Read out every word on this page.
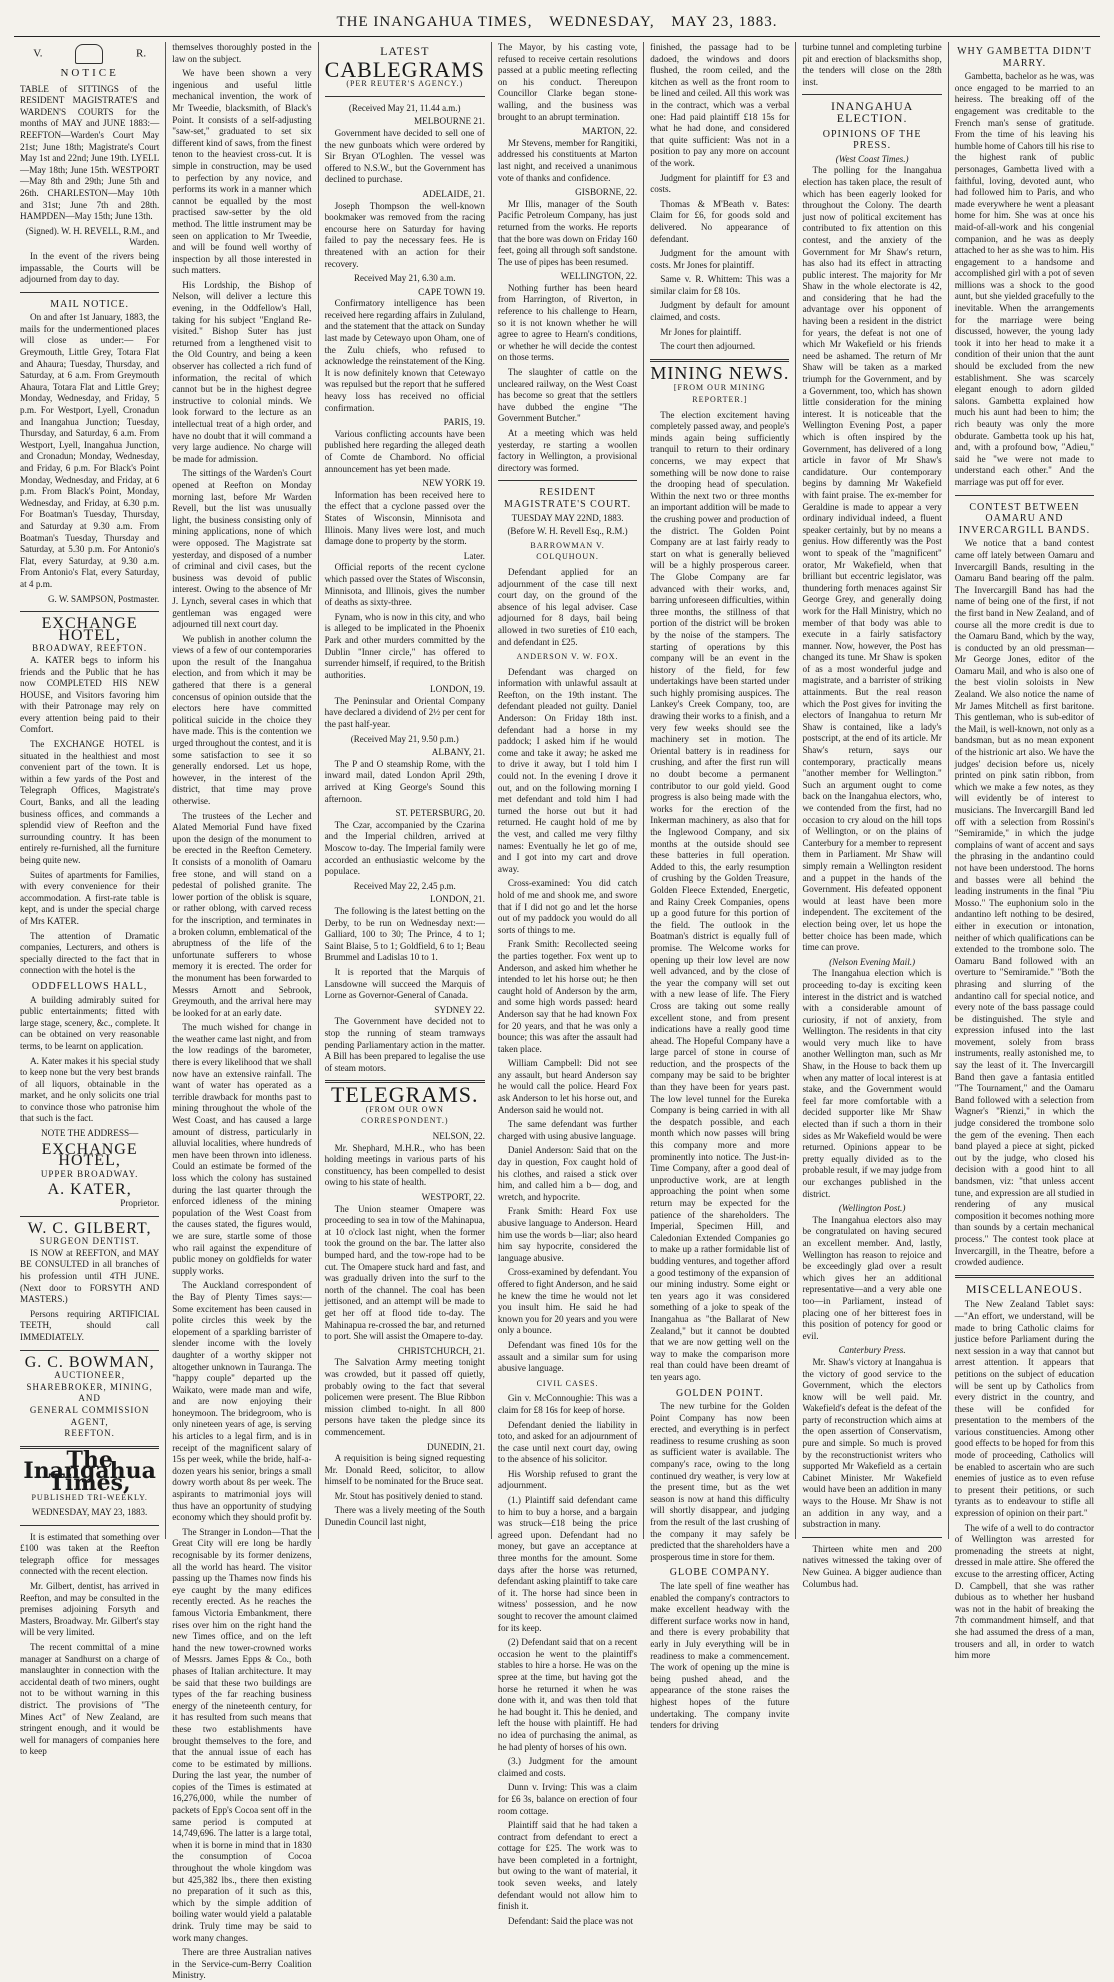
THE INANGAHUA TIMES, WEDNESDAY, MAY 23, 1883.
V.	R.
NOTICE

TABLE of SITTINGS of the RESIDENT MAGISTRATE'S and WARDEN'S COURTS for the months of MAY and JUNE 1883:— REEFTON—Warden's Court May 21st; June 18th; Magistrate's Court May 1st and 22nd; June 19th. LYELL—May 18th; June 15th. WESTPORT—May 8th and 29th; June 5th and 26th. CHARLESTON—May 10th and 31st; June 7th and 28th. HAMPDEN—May 15th; June 13th.

(Signed). W. H. REVELL, R.M., and Warden.

In the event of the rivers being impassable, the Courts will be adjourned from day to day.

MAIL NOTICE.

On and after 1st January, 1883, the mails for the undermentioned places will close as under:— For Greymouth, Little Grey, Totara Flat and Ahaura; Tuesday, Thursday, and Saturday, at 6 a.m. From Greymouth Ahaura, Totara Flat and Little Grey; Monday, Wednesday, and Friday, 5 p.m. For Westport, Lyell, Cronadun and Inangahua Junction; Tuesday, Thursday, and Saturday, 6 a.m. From Westport, Lyell, Inangahua Junction, and Cronadun; Monday, Wednesday, and Friday, 6 p.m. For Black's Point Monday, Wednesday, and Friday, at 6 p.m. From Black's Point, Monday, Wednesday, and Friday, at 6.30 p.m. For Boatman's Tuesday, Thursday, and Saturday at 9.30 a.m. From Boatman's Tuesday, Thursday and Saturday, at 5.30 p.m. For Antonio's Flat, every Saturday, at 9.30 a.m. From Antonio's Flat, every Saturday, at 4 p.m.

G. W. SAMPSON, Postmaster.
EXCHANGE HOTEL,
BROADWAY, REEFTON.

A. KATER begs to inform his friends and the Public that he has now COMPLETED HIS NEW HOUSE, and Visitors favoring him with their Patronage may rely on every attention being paid to their Comfort.

The EXCHANGE HOTEL is situated in the healthiest and most convenient part of the town. It is within a few yards of the Post and Telegraph Offices, Magistrate's Court, Banks, and all the leading business offices, and commands a splendid view of Reefton and the surrounding country. It has been entirely re-furnished, all the furniture being quite new.

Suites of apartments for Families, with every convenience for their accommodation. A first-rate table is kept, and is under the special charge of Mrs KATER.

The attention of Dramatic companies, Lecturers, and others is specially directed to the fact that in connection with the hotel is the

ODDFELLOWS HALL,

A building admirably suited for public entertainments; fitted with large stage, scenery, &c., complete. It can be obtained on very reasonable terms, to be learnt on application.

A. Kater makes it his special study to keep none but the very best brands of all liquors, obtainable in the market, and he only solicits one trial to convince those who patronise him that such is the fact.

NOTE THE ADDRESS—
EXCHANGE HOTEL,
UPPER BROADWAY.
A. KATER,
Proprietor.
W. C. GILBERT,
SURGEON DENTIST.

IS NOW at REEFTON, and MAY BE CONSULTED in all branches of his profession until 4TH JUNE. (Next door to FORSYTH AND MASTERS.)

Persons requiring ARTIFICIAL TEETH, should call IMMEDIATELY.

G. C. BOWMAN,
AUCTIONEER,
SHAREBROKER, MINING, AND
GENERAL COMMISSION
AGENT,
REEFTON.
The Inangahua Times,
PUBLISHED TRI-WEEKLY.
WEDNESDAY, MAY 23, 1883.

It is estimated that something over £100 was taken at the Reefton telegraph office for messages connected with the recent election.

Mr. Gilbert, dentist, has arrived in Reefton, and may be consulted in the premises adjoining Forsyth and Masters, Broadway. Mr. Gilbert's stay will be very limited.

The recent committal of a mine manager at Sandhurst on a charge of manslaughter in connection with the accidental death of two miners, ought not to be without warning in this district. The provisions of "The Mines Act" of New Zealand, are stringent enough, and it would be well for managers of companies here to keep

themselves thoroughly posted in the law on the subject.

We have been shown a very ingenious and useful little mechanical invention, the work of Mr Tweedie, blacksmith, of Black's Point. It consists of a self-adjusting "saw-set," graduated to set six different kind of saws, from the finest tenon to the heaviest cross-cut. It is simple in construction, may be used to perfection by any novice, and performs its work in a manner which cannot be equalled by the most practised saw-setter by the old method. The little instrument may be seen on application to Mr Tweedie, and will be found well worthy of inspection by all those interested in such matters.

His Lordship, the Bishop of Nelson, will deliver a lecture this evening, in the Oddfellow's Hall, taking for his subject "England Re-visited." Bishop Suter has just returned from a lengthened visit to the Old Country, and being a keen observer has collected a rich fund of information, the recital of which cannot but be in the highest degree instructive to colonial minds. We look forward to the lecture as an intellectual treat of a high order, and have no doubt that it will command a very large audience. No charge will be made for admission.

The sittings of the Warden's Court opened at Reefton on Monday morning last, before Mr Warden Revell, but the list was unusually light, the business consisting only of mining applications, none of which were opposed. The Magistrate sat yesterday, and disposed of a number of criminal and civil cases, but the business was devoid of public interest. Owing to the absence of Mr J. Lynch, several cases in which that gentleman was engaged were adjourned till next court day.

We publish in another column the views of a few of our contemporaries upon the result of the Inangahua election, and from which it may be gathered that there is a general concensus of opinion outside that the electors here have committed political suicide in the choice they have made. This is the contention we urged throughout the contest, and it is some satisfaction to see it so generally endorsed. Let us hope, however, in the interest of the district, that time may prove otherwise.

The trustees of the Lecher and Alated Memorial Fund have fixed upon the design of the monument to be erected in the Reefton Cemetery. It consists of a monolith of Oamaru free stone, and will stand on a pedestal of polished granite. The lower portion of the oblisk is square, or rather oblong, with carved recess for the inscription, and terminates in a broken column, emblematical of the abruptness of the life of the unfortunate sufferers to whose memory it is erected. The order for the monument has been forwarded to Messrs Arnott and Sebrook, Greymouth, and the arrival here may be looked for at an early date.

The much wished for change in the weather came last night, and from the low readings of the barometer, there is every likelihood that we shall now have an extensive rainfall. The want of water has operated as a terrible drawback for months past to mining throughout the whole of the West Coast, and has caused a large amount of distress, particularly in alluvial localities, where hundreds of men have been thrown into idleness. Could an estimate be formed of the loss which the colony has sustained during the last quarter through the enforced idleness of the mining population of the West Coast from the causes stated, the figures would, we are sure, startle some of those who rail against the expenditure of public money on goldfields for water supply works.

The Auckland correspondent of the Bay of Plenty Times says:—Some excitement has been caused in polite circles this week by the elopement of a sparkling barrister of slender income with the lovely daughter of a worthy skipper not altogether unknown in Tauranga. The "happy couple" departed up the Waikato, were made man and wife, and are now enjoying their honeymoon. The bridegroom, who is only nineteen years of age, is serving his articles to a legal firm, and is in receipt of the magnificent salary of 15s per week, while the bride, half-a-dozen years his senior, brings a small dowry worth about 8s per week. The aspirants to matrimonial joys will thus have an opportunity of studying economy which they should profit by.

The Stranger in London—That the Great City will ere long be hardly recognisable by its former denizens, all the world has heard. The visitor passing up the Thames now finds his eye caught by the many edifices recently erected. As he reaches the famous Victoria Embankment, there rises over him on the right hand the new Times office, and on the left hand the new tower-crowned works of Messrs. James Epps & Co., both phases of Italian architecture. It may be said that these two buildings are types of the far reaching business energy of the nineteenth century, for it has resulted from such means that these two establishments have brought themselves to the fore, and that the annual issue of each has come to be estimated by millions. During the last year, the number of copies of the Times is estimated at 16,276,000, while the number of packets of Epp's Cocoa sent off in the same period is computed at 14,749,696. The latter is a large total, when it is borne in mind that in 1830 the consumption of Cocoa throughout the whole kingdom was but 425,382 lbs., there then existing no preparation of it such as this, which by the simple addition of boiling water would yield a palatable drink. Truly time may be said to work many changes.

There are three Australian natives in the Service-cum-Berry Coalition Ministry.

LATEST
CABLEGRAMS
(PER REUTER'S AGENCY.)
(Received May 21, 11.44 a.m.)
MELBOURNE 21.

Government have decided to sell one of the new gunboats which were ordered by Sir Bryan O'Loghlen. The vessel was offered to N.S.W., but the Government has declined to purchase.

ADELAIDE, 21.

Joseph Thompson the well-known bookmaker was removed from the racing encourse here on Saturday for having failed to pay the necessary fees. He is threatened with an action for their recovery.

Received May 21, 6.30 a.m.
CAPE TOWN 19.

Confirmatory intelligence has been received here regarding affairs in Zululand, and the statement that the attack on Sunday last made by Cetewayo upon Oham, one of the Zulu chiefs, who refused to acknowledge the reinstatement of the King. It is now definitely known that Cetewayo was repulsed but the report that he suffered heavy loss has received no official confirmation.

PARIS, 19.

Various conflicting accounts have been published here regarding the alleged death of Comte de Chambord. No official announcement has yet been made.

NEW YORK 19.

Information has been received here to the effect that a cyclone passed over the States of Wisconsin, Minnisota and Illinois. Many lives were lost, and much damage done to property by the storm.

Later.

Official reports of the recent cyclone which passed over the States of Wisconsin, Minnisota, and Illinois, gives the number of deaths as sixty-three.

Fynam, who is now in this city, and who is alleged to be implicated in the Phoenix Park and other murders committed by the Dublin "Inner circle," has offered to surrender himself, if required, to the British authorities.

LONDON, 19.

The Peninsular and Oriental Company have declared a dividend of 2½ per cent for the past half-year.

(Received May 21, 9.50 p.m.)
ALBANY, 21.

The P and O steamship Rome, with the inward mail, dated London April 29th, arrived at King George's Sound this afternoon.

ST. PETERSBURG, 20.

The Czar, accompanied by the Czarina and the Imperial children, arrived at Moscow to-day. The Imperial family were accorded an enthusiastic welcome by the populace.

Received May 22, 2.45 p.m.
LONDON, 21.

The following is the latest betting on the Derby, to be run on Wednesday next:—Galliard, 100 to 30; The Prince, 4 to 1; Saint Blaise, 5 to 1; Goldfield, 6 to 1; Beau Brummel and Ladislas 10 to 1.

It is reported that the Marquis of Lansdowne will succeed the Marquis of Lorne as Governor-General of Canada.

SYDNEY 22.

The Government have decided not to stop the running of steam tramways pending Parliamentary action in the matter. A Bill has been prepared to legalise the use of steam motors.

TELEGRAMS.
(FROM OUR OWN CORRESPONDENT.)
NELSON, 22.

Mr. Shephard, M.H.R., who has been holding meetings in various parts of his constituency, has been compelled to desist owing to his state of health.

WESTPORT, 22.

The Union steamer Omapere was proceeding to sea in tow of the Mahinapua, at 10 o'clock last night, when the former took the ground on the bar. The latter also bumped hard, and the tow-rope had to be cut. The Omapere stuck hard and fast, and was gradually driven into the surf to the north of the channel. The coal has been jettisoned, and an attempt will be made to get her off at flood tide to-day. The Mahinapua re-crossed the bar, and returned to port. She will assist the Omapere to-day.

CHRISTCHURCH, 21.

The Salvation Army meeting tonight was crowded, but it passed off quietly, probably owing to the fact that several policemen were present. The Blue Ribbon mission climbed to-night. In all 800 persons have taken the pledge since its commencement.

DUNEDIN, 21.

A requisition is being signed requesting Mr. Donald Reed, solicitor, to allow himself to be nominated for the Bruce seat.

Mr. Stout has positively denied to stand.

There was a lively meeting of the South Dunedin Council last night,

The Mayor, by his casting vote, refused to receive certain resolutions passed at a public meeting reflecting on his conduct. Thereupon Councillor Clarke began stone-walling, and the business was brought to an abrupt termination.

MARTON, 22.

Mr Stevens, member for Rangitiki, addressed his constituents at Marton last night, and received a unanimous vote of thanks and confidence.

GISBORNE, 22.

Mr Illis, manager of the South Pacific Petroleum Company, has just returned from the works. He reports that the bore was down on Friday 160 feet, going all through soft sandstone. The use of pipes has been resumed.

WELLINGTON, 22.

Nothing further has been heard from Harrington, of Riverton, in reference to his challenge to Hearn, so it is not known whether he will agree to agree to Hearn's conditions, or whether he will decide the contest on those terms.

The slaughter of cattle on the uncleared railway, on the West Coast has become so great that the settlers have dubbed the engine "The Government Butcher."

At a meeting which was held yesterday, re starting a woollen factory in Wellington, a provisional directory was formed.

RESIDENT MAGISTRATE'S COURT.
TUESDAY MAY 22ND, 1883.
(Before W. H. Revell Esq., R.M.)
BARROWMAN V. COLQUHOUN.

Defendant applied for an adjournment of the case till next court day, on the ground of the absence of his legal adviser. Case adjourned for 8 days, bail being allowed in two sureties of £10 each, and defendant in £25.

ANDERSON V. W. FOX.

Defendant was charged on information with unlawful assault at Reefton, on the 19th instant. The defendant pleaded not guilty. Daniel Anderson: On Friday 18th inst. defendant had a horse in my paddock; I asked him if he would come and take it away; he asked me to drive it away, but I told him I could not. In the evening I drove it out, and on the following morning I met defendant and told him I had turned the horse out but it had returned. He caught hold of me by the vest, and called me very filthy names: Eventually he let go of me, and I got into my cart and drove away.

Cross-examined: You did catch hold of me and shook me, and swore that if I did not go and let the horse out of my paddock you would do all sorts of things to me.

Frank Smith: Recollected seeing the parties together. Fox went up to Anderson, and asked him whether he intended to let his horse out; he then caught hold of Anderson by the arm, and some high words passed: heard Anderson say that he had known Fox for 20 years, and that he was only a bounce; this was after the assault had taken place.

William Campbell: Did not see any assault, but heard Anderson say he would call the police. Heard Fox ask Anderson to let his horse out, and Anderson said he would not.

The same defendant was further charged with using abusive language.

Daniel Anderson: Said that on the day in question, Fox caught hold of his clothes, and raised a stick over him, and called him a b— dog, and wretch, and hypocrite.

Frank Smith: Heard Fox use abusive language to Anderson. Heard him use the words b—liar; also heard him say hypocrite, considered the language abusive.

Cross-examined by defendant. You offered to fight Anderson, and he said he knew the time he would not let you insult him. He said he had known you for 20 years and you were only a bounce.

Defendant was fined 10s for the assault and a similar sum for using abusive language.

CIVIL CASES.

Gin v. McConnoughie: This was a claim for £8 16s for keep of horse.

Defendant denied the liability in toto, and asked for an adjournment of the case until next court day, owing to the absence of his solicitor.

His Worship refused to grant the adjournment.

(1.) Plaintiff said defendant came to him to buy a horse, and a bargain was struck—£18 being the price agreed upon. Defendant had no money, but gave an acceptance at three months for the amount. Some days after the horse was returned, defendant asking plaintiff to take care of it. The horse had since been in witness' possession, and he now sought to recover the amount claimed for its keep.

(2) Defendant said that on a recent occasion he went to the plaintiff's stables to hire a horse. He was on the spree at the time, but having got the horse he returned it when he was done with it, and was then told that he had bought it. This he denied, and left the house with plaintiff. He had no idea of purchasing the animal, as he had plenty of horses of his own.

(3.) Judgment for the amount claimed and costs.

Dunn v. Irving: This was a claim for £6 3s, balance on erection of four room cottage.

Plaintiff said that he had taken a contract from defendant to erect a cottage for £25. The work was to have been completed in a fortnight, but owing to the want of material, it took seven weeks, and lately defendant would not allow him to finish it.

Defendant: Said the place was not

finished, the passage had to be dadoed, the windows and doors flushed, the room ceiled, and the kitchen as well as the front room to be lined and ceiled. All this work was in the contract, which was a verbal one: Had paid plaintiff £18 15s for what he had done, and considered that quite sufficient: Was not in a position to pay any more on account of the work.

Judgment for plaintiff for £3 and costs.

Thomas & M'Beath v. Bates: Claim for £6, for goods sold and delivered. No appearance of defendant.

Judgment for the amount with costs. Mr Jones for plaintiff.

Same v. R. Whittem: This was a similar claim for £8 10s.

Judgment by default for amount claimed, and costs.

Mr Jones for plaintiff.

The court then adjourned.

MINING NEWS.
[FROM OUR MINING REPORTER.]

The election excitement having completely passed away, and people's minds again being sufficiently tranquil to return to their ordinary concerns, we may expect that something will be now done to raise the drooping head of speculation. Within the next two or three months an important addition will be made to the crushing power and production of the district. The Golden Point Company are at last fairly ready to start on what is generally believed will be a highly prosperous career. The Globe Company are far advanced with their works, and, barring unforeseen difficulties, within three months, the stillness of that portion of the district will be broken by the noise of the stampers. The starting of operations by this company will be an event in the history of the field, for few undertakings have been started under such highly promising auspices. The Lankey's Creek Company, too, are drawing their works to a finish, and a very few weeks should see the machinery set in motion. The Oriental battery is in readiness for crushing, and after the first run will no doubt become a permanent contributor to our gold yield. Good progress is also being made with the works for the erection of the Inkerman machinery, as also that for the Inglewood Company, and six months at the outside should see these batteries in full operation. Added to this, the early resumption of crushing by the Golden Treasure, Golden Fleece Extended, Energetic, and Rainy Creek Companies, opens up a good future for this portion of the field. The outlook in the Boatman's district is equally full of promise. The Welcome works for opening up their low level are now well advanced, and by the close of the year the company will set out with a new lease of life. The Fiery Cross are taking out some really excellent stone, and from present indications have a really good time ahead. The Hopeful Company have a large parcel of stone in course of reduction, and the prospects of the company may be said to be brighter than they have been for years past. The low level tunnel for the Eureka Company is being carried in with all the despatch possible, and each month which now passes will bring this company more and more prominently into notice. The Just-in-Time Company, after a good deal of unproductive work, are at length approaching the point when some return may be expected for the patience of the shareholders. The Imperial, Specimen Hill, and Caledonian Extended Companies go to make up a rather formidable list of budding ventures, and together afford a good testimony of the expansion of our mining industry. Some eight or ten years ago it was considered something of a joke to speak of the Inangahua as "the Ballarat of New Zealand," but it cannot be doubted that we are now getting well on the way to make the comparison more real than could have been dreamt of ten years ago.

GOLDEN POINT.

The new turbine for the Golden Point Company has now been erected, and everything is in perfect readiness to resume crushing as soon as sufficient water is available. The company's race, owing to the long continued dry weather, is very low at the present time, but as the wet season is now at hand this difficulty will shortly disappear, and judging from the result of the last crushing of the company it may safely be predicted that the shareholders have a prosperous time in store for them.

GLOBE COMPANY.

The late spell of fine weather has enabled the company's contractors to make excellent headway with the different surface works now in hand, and there is every probability that early in July everything will be in readiness to make a commencement. The work of opening up the mine is being pushed ahead, and the appearance of the stone raises the highest hopes of the future undertaking. The company invite tenders for driving

turbine tunnel and completing turbine pit and erection of blacksmiths shop, the tenders will close on the 28th inst.

INANGAHUA ELECTION.
OPINIONS OF THE PRESS.
(West Coast Times.)

The polling for the Inangahua election has taken place, the result of which has been eagerly looked for throughout the Colony. The dearth just now of political excitement has contributed to fix attention on this contest, and the anxiety of the Government for Mr Shaw's return, has also had its effect in attracting public interest. The majority for Mr Shaw in the whole electorate is 42, and considering that he had the advantage over his opponent of having been a resident in the district for years, the defeat is not one of which Mr Wakefield or his friends need be ashamed. The return of Mr Shaw will be taken as a marked triumph for the Government, and by a Government, too, which has shown little consideration for the mining interest. It is noticeable that the Wellington Evening Post, a paper which is often inspired by the Government, has delivered of a long article in favor of Mr Shaw's candidature. Our contemporary begins by damning Mr Wakefield with faint praise. The ex-member for Geraldine is made to appear a very ordinary individual indeed, a fluent speaker certainly, but by no means a genius. How differently was the Post wont to speak of the "magnificent" orator, Mr Wakefield, when that brilliant but eccentric legislator, was thundering forth menaces against Sir George Grey, and generally doing work for the Hall Ministry, which no member of that body was able to execute in a fairly satisfactory manner. Now, however, the Post has changed its tune. Mr Shaw is spoken of as a most wonderful judge and magistrate, and a barrister of striking attainments. But the real reason which the Post gives for inviting the electors of Inangahua to return Mr Shaw is contained, like a lady's postscript, at the end of its article. Mr Shaw's return, says our contemporary, practically means "another member for Wellington." Such an argument ought to come back on the Inangahua electors, who, we contended from the first, had no occasion to cry aloud on the hill tops of Wellington, or on the plains of Canterbury for a member to represent them in Parliament. Mr Shaw will simply remain a Wellington resident and a puppet in the hands of the Government. His defeated opponent would at least have been more independent. The excitement of the election being over, let us hope the better choice has been made, which time can prove.

(Nelson Evening Mail.)

The Inangahua election which is proceeding to-day is exciting keen interest in the district and is watched with a considerable amount of curiosity, if not of anxiety, from Wellington. The residents in that city would very much like to have another Wellington man, such as Mr Shaw, in the House to back them up when any matter of local interest is at stake, and the Government would feel far more comfortable with a decided supporter like Mr Shaw elected than if such a thorn in their sides as Mr Wakefield would be were returned. Opinions appear to be pretty equally divided as to the probable result, if we may judge from our exchanges published in the district.

(Wellington Post.)

The Inangahua electors also may be congratulated on having secured an excellent member. And, lastly, Wellington has reason to rejoice and be exceedingly glad over a result which gives her an additional representative—and a very able one too—in Parliament, instead of placing one of her bitterest foes in this position of potency for good or evil.

Canterbury Press.

Mr. Shaw's victory at Inangahua is the victory of good service to the Government, which the electors know will be well paid. Mr. Wakefield's defeat is the defeat of the party of reconstruction which aims at the open assertion of Conservatism, pure and simple. So much is proved by the reconstructionist writers who supported Mr Wakefield as a certain Cabinet Minister. Mr Wakefield would have been an addition in many ways to the House. Mr Shaw is not an addition in any way, and a substraction in many.

Thirteen white men and 200 natives witnessed the taking over of New Guinea. A bigger audience than Columbus had.

WHY GAMBETTA DIDN'T MARRY.

Gambetta, bachelor as he was, was once engaged to be married to an heiress. The breaking off of the engagement was creditable to the French man's sense of gratitude. From the time of his leaving his humble home of Cahors till his rise to the highest rank of public personages, Gambetta lived with a faithful, loving, devoted aunt, who had followed him to Paris, and who made everywhere he went a pleasant home for him. She was at once his maid-of-all-work and his congenial companion, and he was as deeply attached to her as she was to him. His engagement to a handsome and accomplished girl with a pot of seven millions was a shock to the good aunt, but she yielded gracefully to the inevitable. When the arrangements for the marriage were being discussed, however, the young lady took it into her head to make it a condition of their union that the aunt should be excluded from the new establishment. She was scarcely elegant enough to adorn gilded salons. Gambetta explained how much his aunt had been to him; the rich beauty was only the more obdurate. Gambetta took up his hat, and, with a profound bow, "Adieu," said he "we were not made to understand each other." And the marriage was put off for ever.

CONTEST BETWEEN OAMARU AND INVERCARGILL BANDS.

We notice that a band contest came off lately between Oamaru and Invercargill Bands, resulting in the Oamaru Band bearing off the palm. The Invercargill Band has had the name of being one of the first, if not the first band in New Zealand, and of course all the more credit is due to the Oamaru Band, which by the way, is conducted by an old pressman—Mr George Jones, editor of the Oamaru Mail, and who is also one of the best violin soloists in New Zealand. We also notice the name of Mr James Mitchell as first baritone. This gentleman, who is sub-editor of the Mail, is well-known, not only as a bandsman, but as no mean exponent of the histrionic art also. We have the judges' decision before us, nicely printed on pink satin ribbon, from which we make a few notes, as they will evidently be of interest to musicians. The Invercargill Band led off with a selection from Rossini's "Semiramide," in which the judge complains of want of accent and says the phrasing in the andantino could not have been understood. The horns and basses were all behind the leading instruments in the final "Piu Mosso." The euphonium solo in the andantino left nothing to be desired, either in execution or intonation, neither of which qualifications can be extended to the trombone solo. The Oamaru Band followed with an overture to "Semiramide." "Both the phrasing and slurring of the andantino call for special notice, and every note of the bass passage could be distinguished. The style and expression infused into the last movement, solely from brass instruments, really astonished me, to say the least of it. The Invercargill Band then gave a fantasia entitled "The Tournament," and the Oamaru Band followed with a selection from Wagner's "Rienzi," in which the judge considered the trombone solo the gem of the evening. Then each band played a piece at sight, picked out by the judge, who closed his decision with a good hint to all bandsmen, viz: "that unless accent tune, and expression are all studied in rendering of any musical composition it becomes nothing more than sounds by a certain mechanical process." The contest took place at Invercargill, in the Theatre, before a crowded audience.

MISCELLANEOUS.

The New Zealand Tablet says:—"An effort, we understand, will be made to bring Catholic claims for justice before Parliament during the next session in a way that cannot but arrest attention. It appears that petitions on the subject of education will be sent up by Catholics from every district in the country, and these will be confided for presentation to the members of the various constituencies. Among other good effects to be hoped for from this mode of proceeding, Catholics will be enabled to ascertain who are such enemies of justice as to even refuse to present their petitions, or such tyrants as to endeavour to stifle all expression of opinion on their part."

The wife of a well to do contractor of Wellington was arrested for promenading the streets at night, dressed in male attire. She offered the excuse to the arresting officer, Acting D. Campbell, that she was rather dubious as to whether her husband was not in the habit of breaking the 7th commandment himself, and that she had assumed the dress of a man, trousers and all, in order to watch him more
